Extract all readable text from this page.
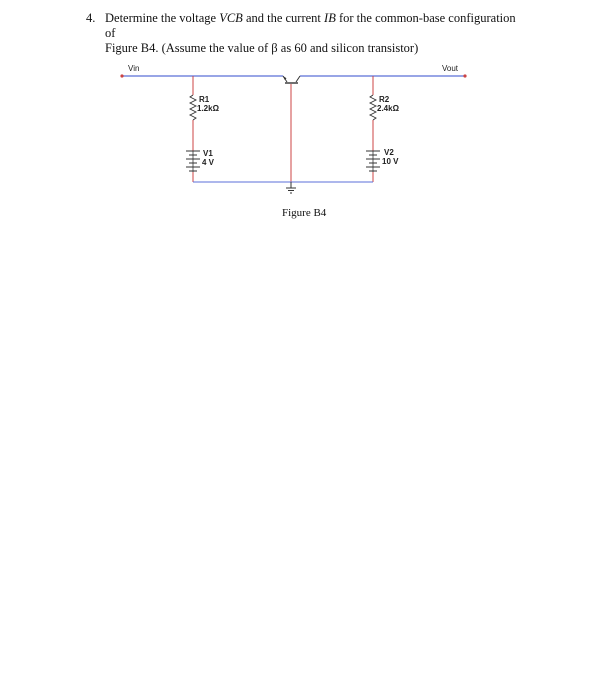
4. Determine the voltage VCB and the current IB for the common-base configuration
of
Figure B4. (Assume the value of β as 60 and silicon transistor)
Vin	Vout
R1
1.2kΩ
R2
2.4kΩ
V1
4 V
V2
10 V
Figure B4
